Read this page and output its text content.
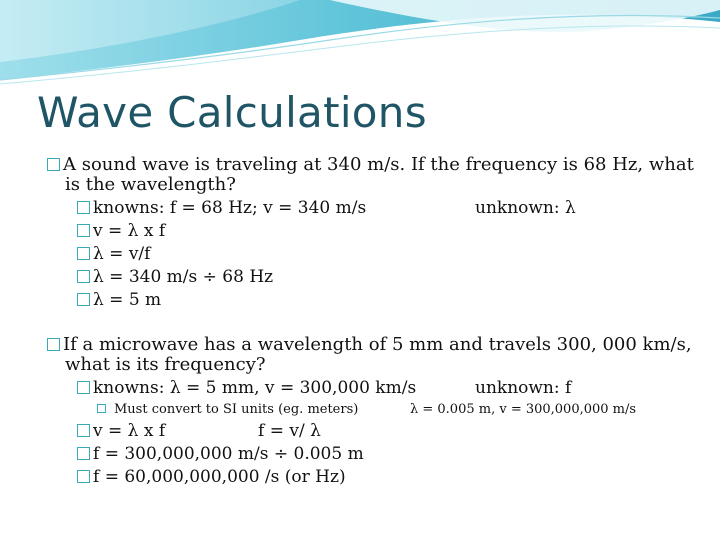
Wave Calculations
A sound wave is traveling at 340 m/s. If the frequency is 68 Hz, what
is the wavelength?
knowns: f = 68 Hz; v = 340 m/s	unknown: λ
v = λ x f
λ = v/f
λ = 340 m/s ÷ 68 Hz
λ = 5 m
If a microwave has a wavelength of 5 mm and travels 300, 000 km/s,
what is its frequency?
knowns: λ = 5 mm, v = 300,000 km/s	unknown: f
Must convert to SI units (eg. meters)	λ = 0.005 m, v = 300,000,000 m/s
v = λ x f	f = v/ λ
f = 300,000,000 m/s ÷ 0.005 m
f = 60,000,000,000 /s (or Hz)
